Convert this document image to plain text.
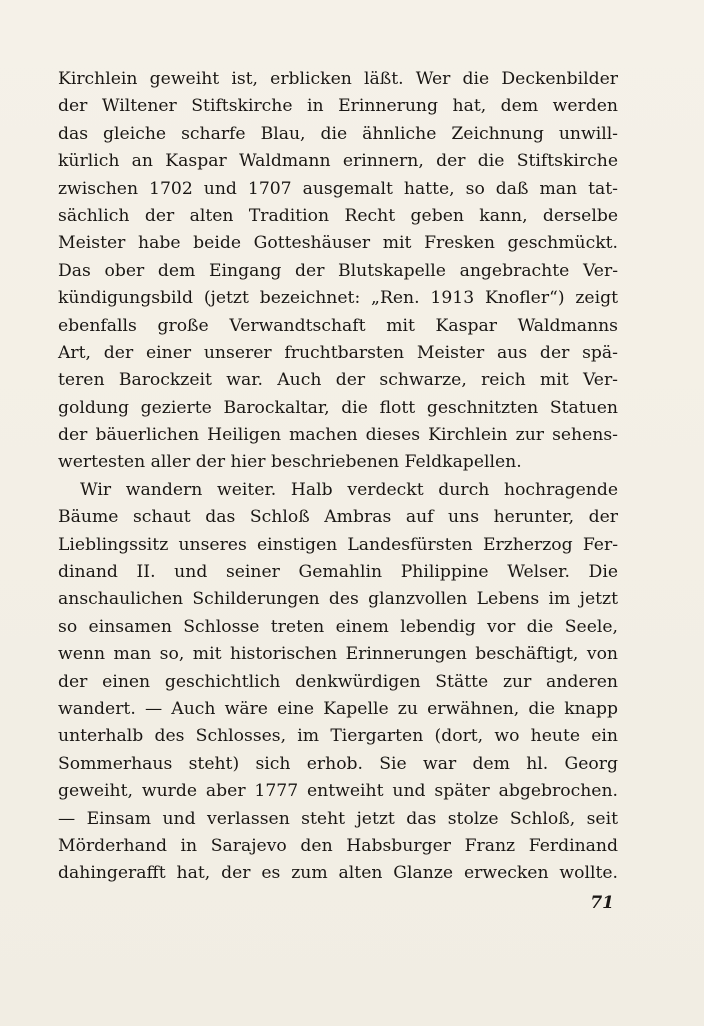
Kirchlein geweiht ist, erblicken läßt. Wer die Deckenbilder
der Wiltener Stiftskirche in Erinnerung hat, dem werden
das gleiche scharfe Blau, die ähnliche Zeichnung unwill-
kürlich an Kaspar Waldmann erinnern, der die Stiftskirche
zwischen 1702 und 1707 ausgemalt hatte, so daß man tat-
sächlich der alten Tradition Recht geben kann, derselbe
Meister habe beide Gotteshäuser mit Fresken geschmückt.
Das ober dem Eingang der Blutskapelle angebrachte Ver-
kündigungsbild (jetzt bezeichnet: „Ren. 1913 Knofler“) zeigt
ebenfalls große Verwandtschaft mit Kaspar Waldmanns
Art, der einer unserer fruchtbarsten Meister aus der spä-
teren Barockzeit war. Auch der schwarze, reich mit Ver-
goldung gezierte Barockaltar, die flott geschnitzten Statuen
der bäuerlichen Heiligen machen dieses Kirchlein zur sehens-
wertesten aller der hier beschriebenen Feldkapellen.
Wir wandern weiter. Halb verdeckt durch hochragende
Bäume schaut das Schloß Ambras auf uns herunter, der
Lieblingssitz unseres einstigen Landesfürsten Erzherzog Fer-
dinand II. und seiner Gemahlin Philippine Welser. Die
anschaulichen Schilderungen des glanzvollen Lebens im jetzt
so einsamen Schlosse treten einem lebendig vor die Seele,
wenn man so, mit historischen Erinnerungen beschäftigt, von
der einen geschichtlich denkwürdigen Stätte zur anderen
wandert. — Auch wäre eine Kapelle zu erwähnen, die knapp
unterhalb des Schlosses, im Tiergarten (dort, wo heute ein
Sommerhaus steht) sich erhob. Sie war dem hl. Georg
geweiht, wurde aber 1777 entweiht und später abgebrochen.
— Einsam und verlassen steht jetzt das stolze Schloß, seit
Mörderhand in Sarajevo den Habsburger Franz Ferdinand
dahingerafft hat, der es zum alten Glanze erwecken wollte.
71
